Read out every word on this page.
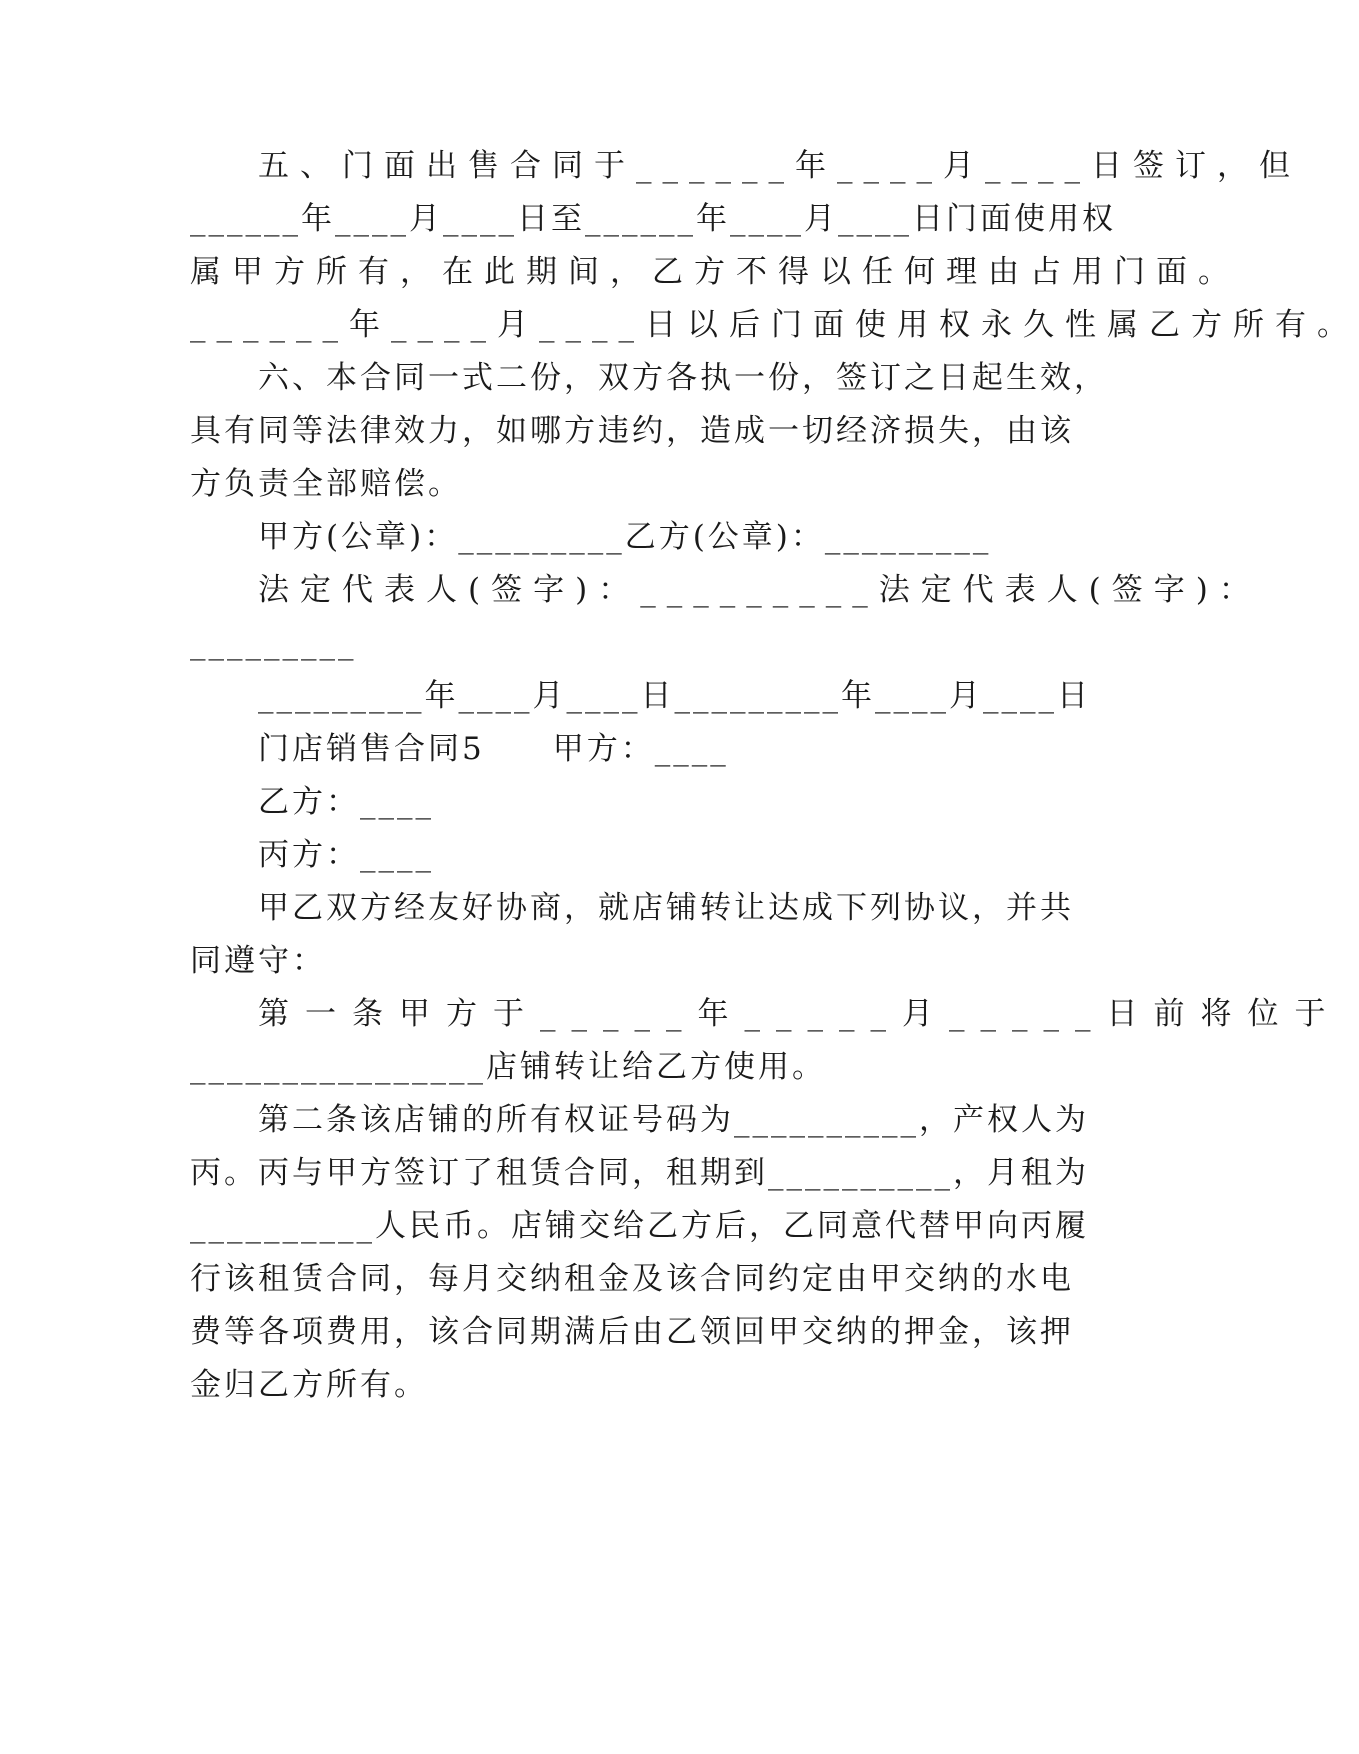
五、门面出售合同于______年____月____日签订，但
______年____月____日至______年____月____日门面使用权
属甲方所有，在此期间，乙方不得以任何理由占用门面。
______年____月____日以后门面使用权永久性属乙方所有。
六、本合同一式二份，双方各执一份，签订之日起生效，
具有同等法律效力，如哪方违约，造成一切经济损失，由该
方负责全部赔偿。
甲方(公章)：_________乙方(公章)：_________
法定代表人(签字)：_________法定代表人(签字)：
_________
_________年____月____日_________年____月____日
门店销售合同5　　甲方：____
乙方：____
丙方：____
甲乙双方经友好协商，就店铺转让达成下列协议，并共
同遵守：
第一条甲方于_____年_____月_____日前将位于
________________店铺转让给乙方使用。
第二条该店铺的所有权证号码为__________，产权人为
丙。丙与甲方签订了租赁合同，租期到__________，月租为
__________人民币。店铺交给乙方后，乙同意代替甲向丙履
行该租赁合同，每月交纳租金及该合同约定由甲交纳的水电
费等各项费用，该合同期满后由乙领回甲交纳的押金，该押
金归乙方所有。
